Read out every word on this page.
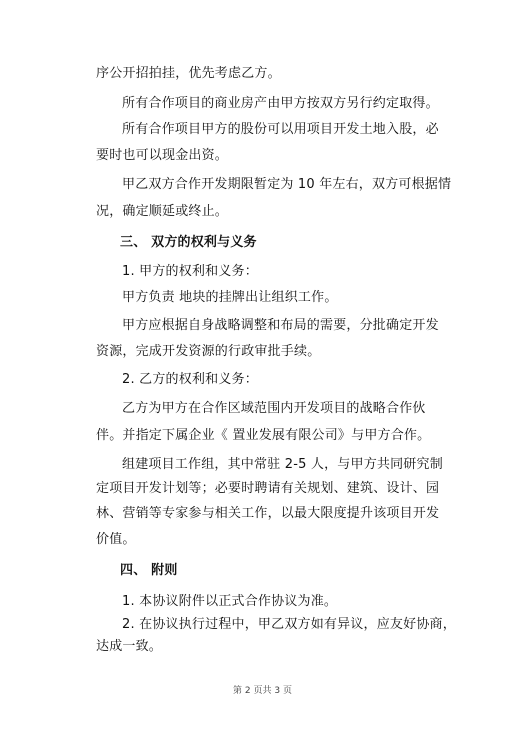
序公开招拍挂，优先考虑乙方。
所有合作项目的商业房产由甲方按双方另行约定取得。
所有合作项目甲方的股份可以用项目开发土地入股，必
要时也可以现金出资。
甲乙双方合作开发期限暂定为 10 年左右，双方可根据情
况，确定顺延或终止。
三、 双方的权利与义务
1. 甲方的权利和义务：
甲方负责 地块的挂牌出让组织工作。
甲方应根据自身战略调整和布局的需要，分批确定开发
资源，完成开发资源的行政审批手续。
2. 乙方的权利和义务：
乙方为甲方在合作区域范围内开发项目的战略合作伙
伴。并指定下属企业《 置业发展有限公司》与甲方合作。
组建项目工作组，其中常驻 2-5 人，与甲方共同研究制
定项目开发计划等；必要时聘请有关规划、建筑、设计、园
林、营销等专家参与相关工作，以最大限度提升该项目开发
价值。
四、 附则
1. 本协议附件以正式合作协议为准。
2. 在协议执行过程中，甲乙双方如有异议，应友好协商，
达成一致。
第 2 页共 3 页
